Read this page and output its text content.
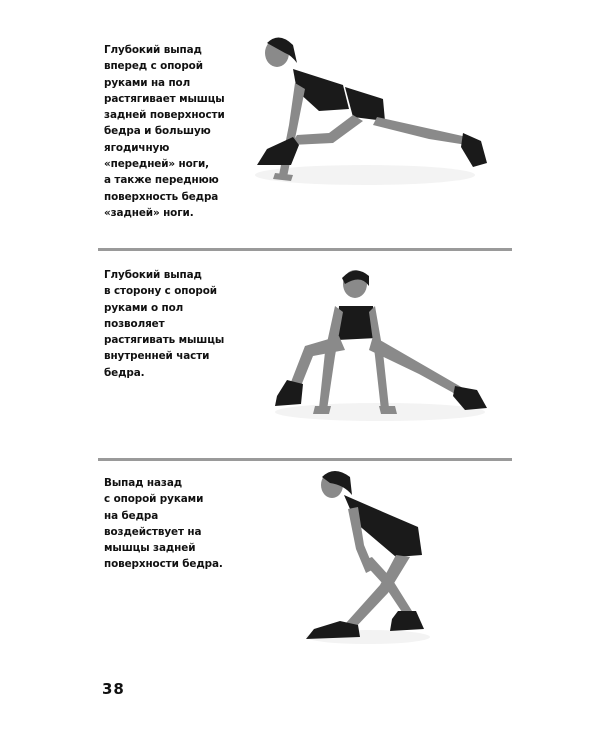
Глубокий выпад
вперед с опорой
руками на пол
растягивает мышцы
задней поверхности
бедра и большую
ягодичную
«передней» ноги,
а также переднюю
поверхность бедра
«задней» ноги.
Глубокий выпад
в сторону с опорой
руками о пол
позволяет
растягивать мышцы
внутренней части
бедра.
Выпад назад
с опорой руками
на бедра
воздействует на
мышцы задней
поверхности бедра.
38
